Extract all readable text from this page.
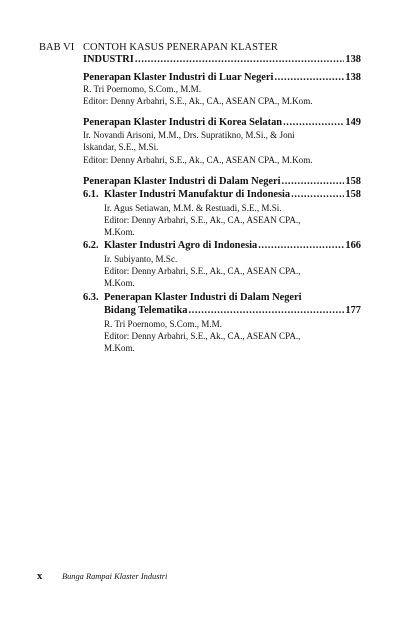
BAB VI CONTOH KASUS PENERAPAN KLASTER
INDUSTRI .....	138
Penerapan Klaster Industri di Luar Negeri .....	138
R. Tri Poernomo, S.Com., M.M.
Editor: Denny Arbahri, S.E., Ak., CA., ASEAN CPA., M.Kom.
Penerapan Klaster Industri di Korea Selatan .....	149
Ir. Novandi Arisoni, M.M., Drs. Supratikno, M.Si., & Joni
Iskandar, S.E., M.Si.
Editor: Denny Arbahri, S.E., Ak., CA., ASEAN CPA., M.Kom.
Penerapan Klaster Industri di Dalam Negeri .....	158
6.1. Klaster Industri Manufaktur di Indonesia .....	158
Ir. Agus Setiawan, M.M. & Restuadi, S.E., M.Si.
Editor: Denny Arbahri, S.E., Ak., CA., ASEAN CPA.,
M.Kom.
6.2. Klaster Industri Agro di Indonesia .....	166
Ir. Subiyanto, M.Sc.
Editor: Denny Arbahri, S.E., Ak., CA., ASEAN CPA.,
M.Kom.
6.3. Penerapan Klaster Industri di Dalam Negeri
Bidang Telematika .....	177
R. Tri Poernomo, S.Com., M.M.
Editor: Denny Arbahri, S.E., Ak., CA., ASEAN CPA.,
M.Kom.
x Bunga Rampai Klaster Industri
